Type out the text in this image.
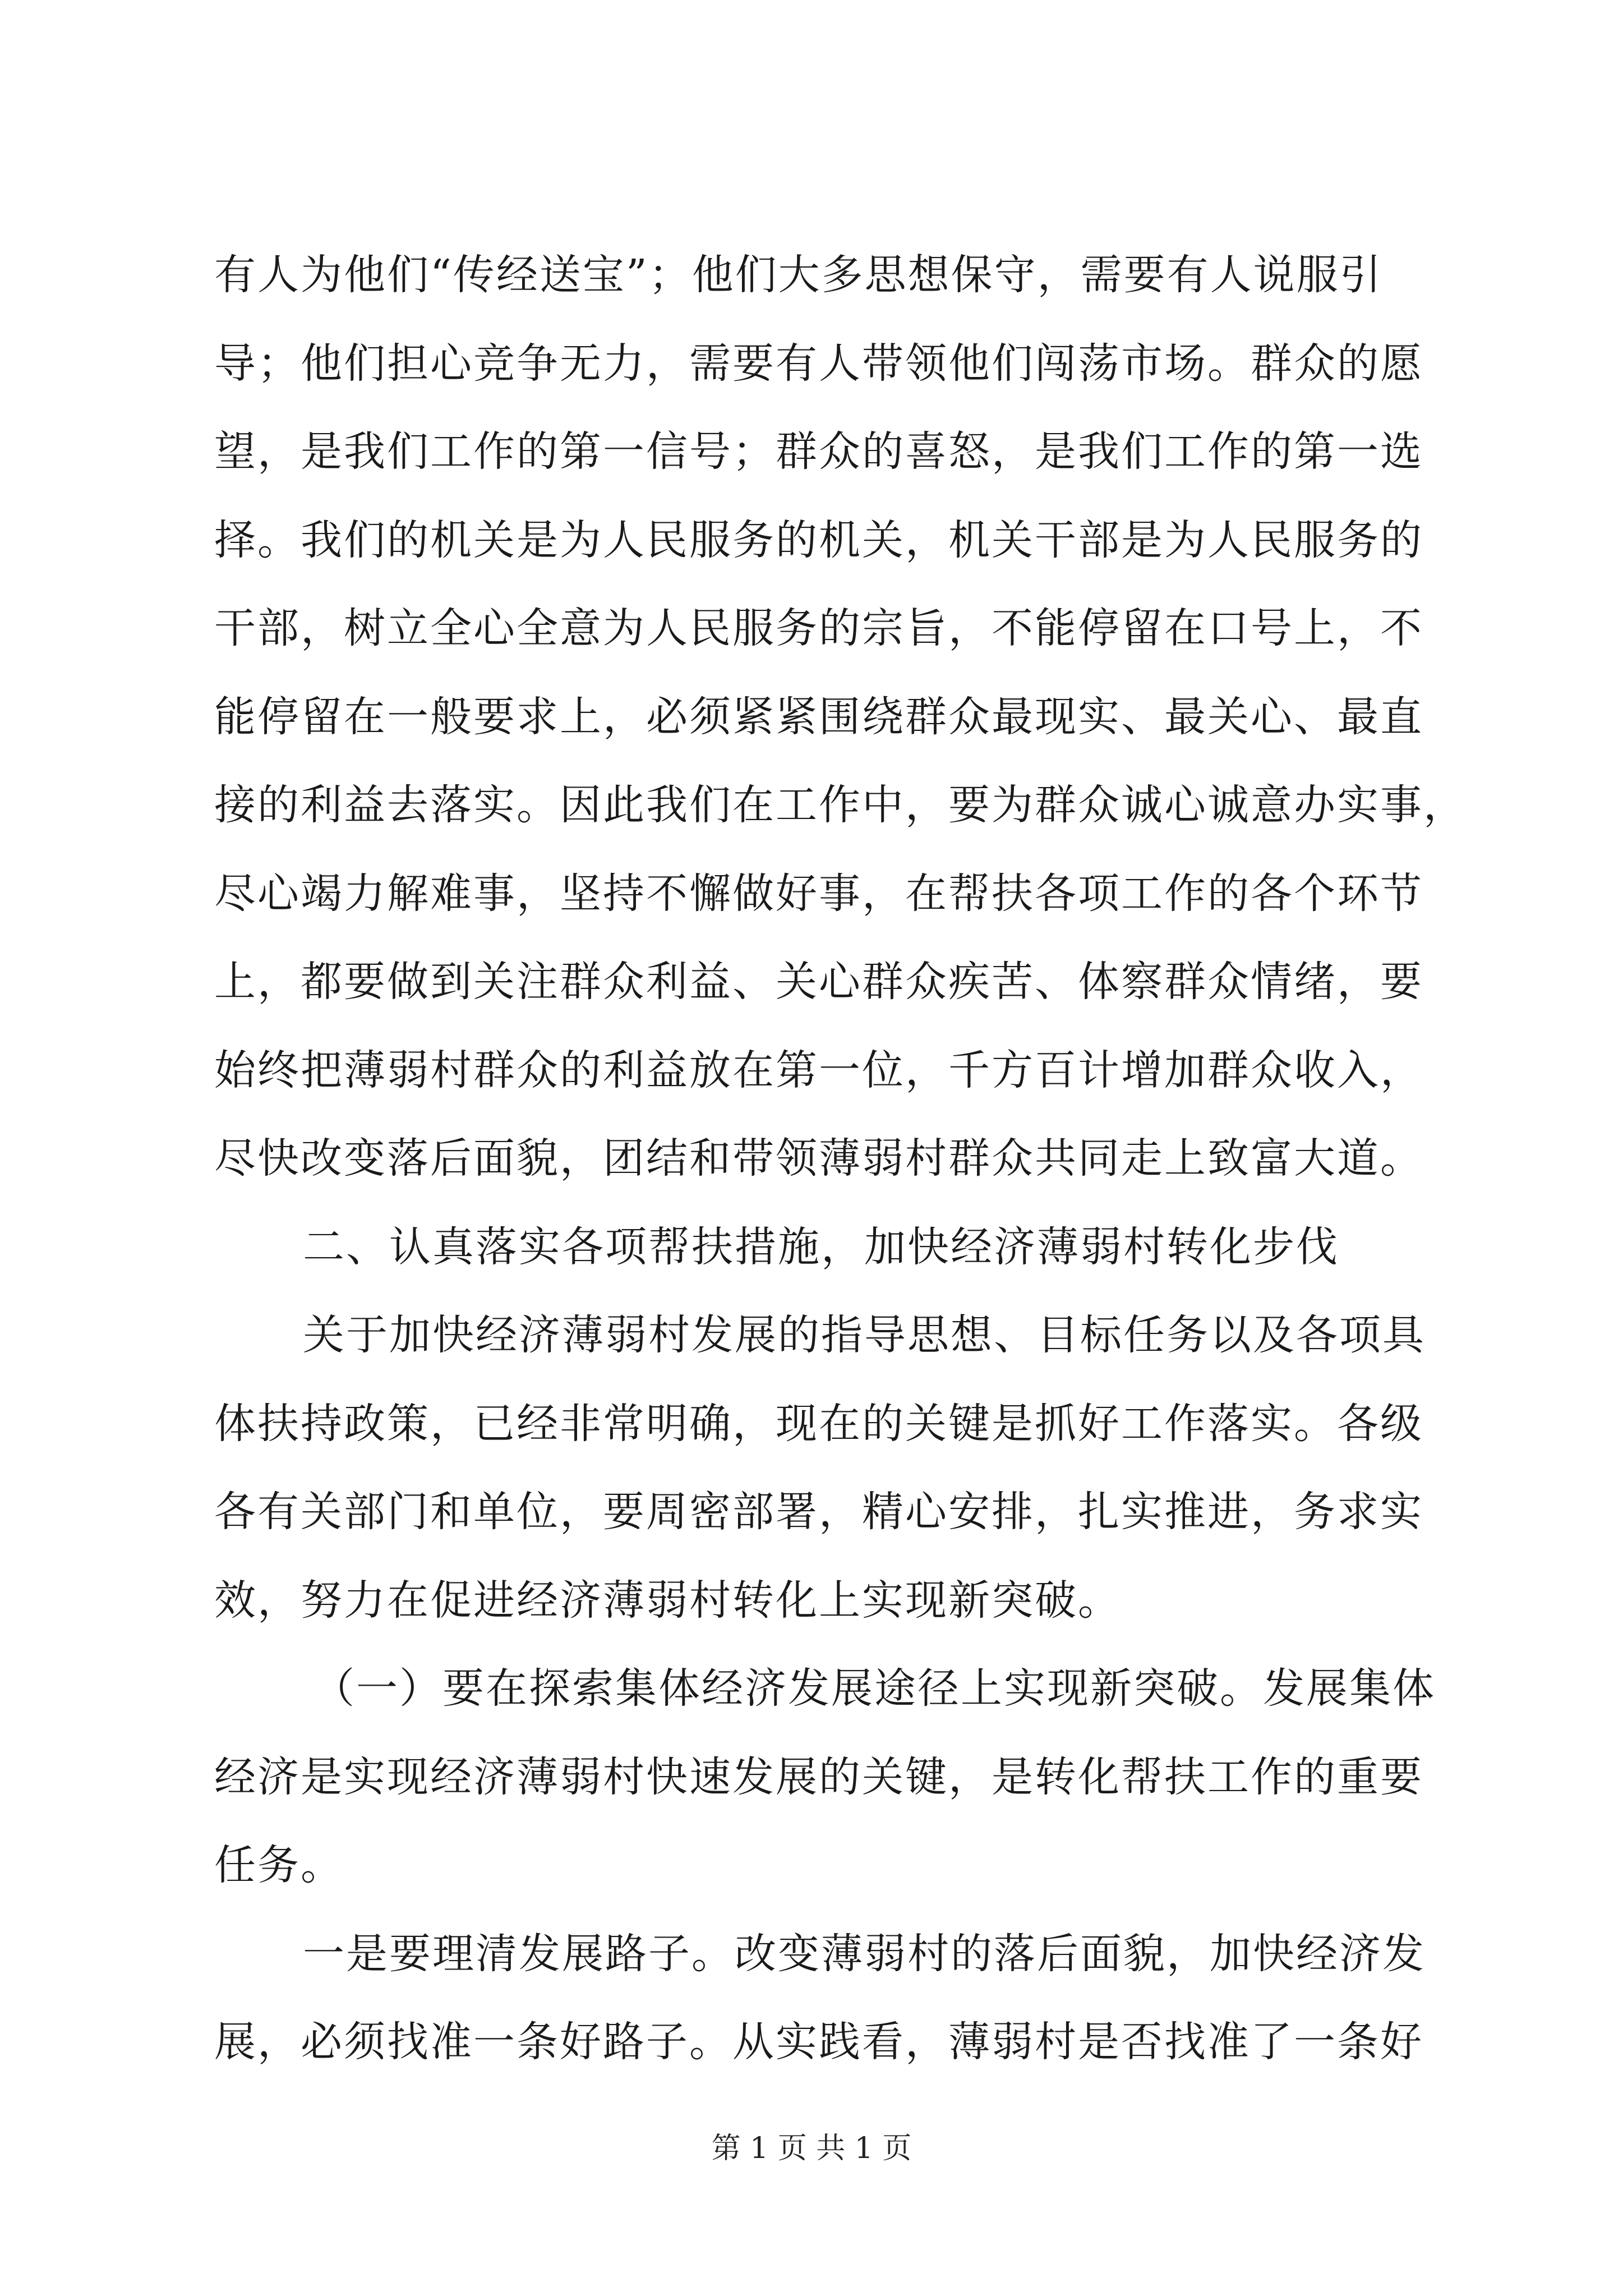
有人为他们“传经送宝”；他们大多思想保守，需要有人说服引
导；他们担心竞争无力，需要有人带领他们闯荡市场。群众的愿
望，是我们工作的第一信号；群众的喜怒，是我们工作的第一选
择。我们的机关是为人民服务的机关，机关干部是为人民服务的
干部，树立全心全意为人民服务的宗旨，不能停留在口号上，不
能停留在一般要求上，必须紧紧围绕群众最现实、最关心、最直
接的利益去落实。因此我们在工作中，要为群众诚心诚意办实事，
尽心竭力解难事，坚持不懈做好事，在帮扶各项工作的各个环节
上，都要做到关注群众利益、关心群众疾苦、体察群众情绪，要
始终把薄弱村群众的利益放在第一位，千方百计增加群众收入，
尽快改变落后面貌，团结和带领薄弱村群众共同走上致富大道。
二、认真落实各项帮扶措施，加快经济薄弱村转化步伐
关于加快经济薄弱村发展的指导思想、目标任务以及各项具
体扶持政策，已经非常明确，现在的关键是抓好工作落实。各级
各有关部门和单位，要周密部署，精心安排，扎实推进，务求实
效，努力在促进经济薄弱村转化上实现新突破。
（一）要在探索集体经济发展途径上实现新突破。发展集体
经济是实现经济薄弱村快速发展的关键，是转化帮扶工作的重要
任务。
一是要理清发展路子。改变薄弱村的落后面貌，加快经济发
展，必须找准一条好路子。从实践看，薄弱村是否找准了一条好
第 1 页 共 1 页
